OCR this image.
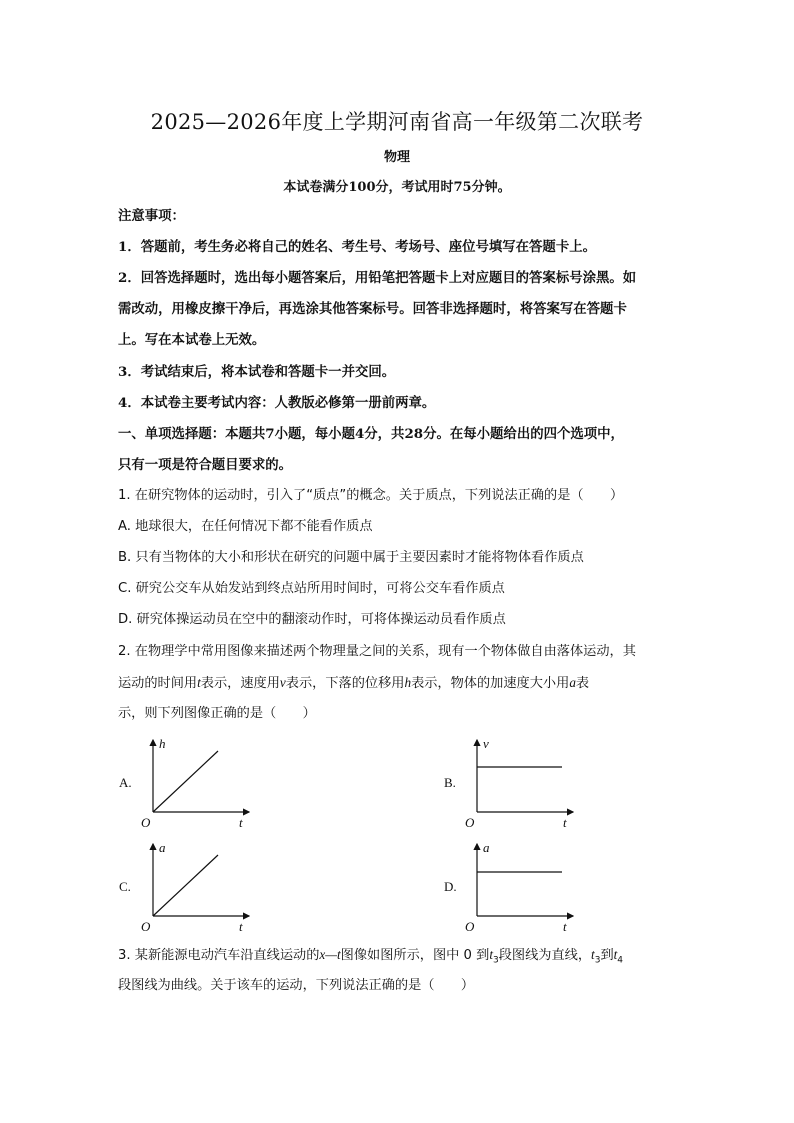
2025—2026年度上学期河南省高一年级第二次联考
物理
本试卷满分100分，考试用时75分钟。
注意事项：
1．答题前，考生务必将自己的姓名、考生号、考场号、座位号填写在答题卡上。
2．回答选择题时，选出每小题答案后，用铅笔把答题卡上对应题目的答案标号涂黑。如
需改动，用橡皮擦干净后，再选涂其他答案标号。回答非选择题时，将答案写在答题卡
上。写在本试卷上无效。
3．考试结束后，将本试卷和答题卡一并交回。
4．本试卷主要考试内容：人教版必修第一册前两章。
一、单项选择题：本题共7小题，每小题4分，共28分。在每小题给出的四个选项中，
只有一项是符合题目要求的。
1. 在研究物体的运动时，引入了“质点”的概念。关于质点，下列说法正确的是（　　）
A. 地球很大，在任何情况下都不能看作质点
B. 只有当物体的大小和形状在研究的问题中属于主要因素时才能将物体看作质点
C. 研究公交车从始发站到终点站所用时间时，可将公交车看作质点
D. 研究体操运动员在空中的翻滚动作时，可将体操运动员看作质点
2. 在物理学中常用图像来描述两个物理量之间的关系，现有一个物体做自由落体运动，其
运动的时间用t表示，速度用v表示，下落的位移用h表示，物体的加速度大小用a表
示，则下列图像正确的是（　　）
A.
h
t
O
B.
v
t
O
C.
a
t
O
D.
a
t
O
3. 某新能源电动汽车沿直线运动的x—t图像如图所示，图中 0 到$t_3$段图线为直线，$t_3$到$t_4$
段图线为曲线。关于该车的运动，下列说法正确的是（　　）
